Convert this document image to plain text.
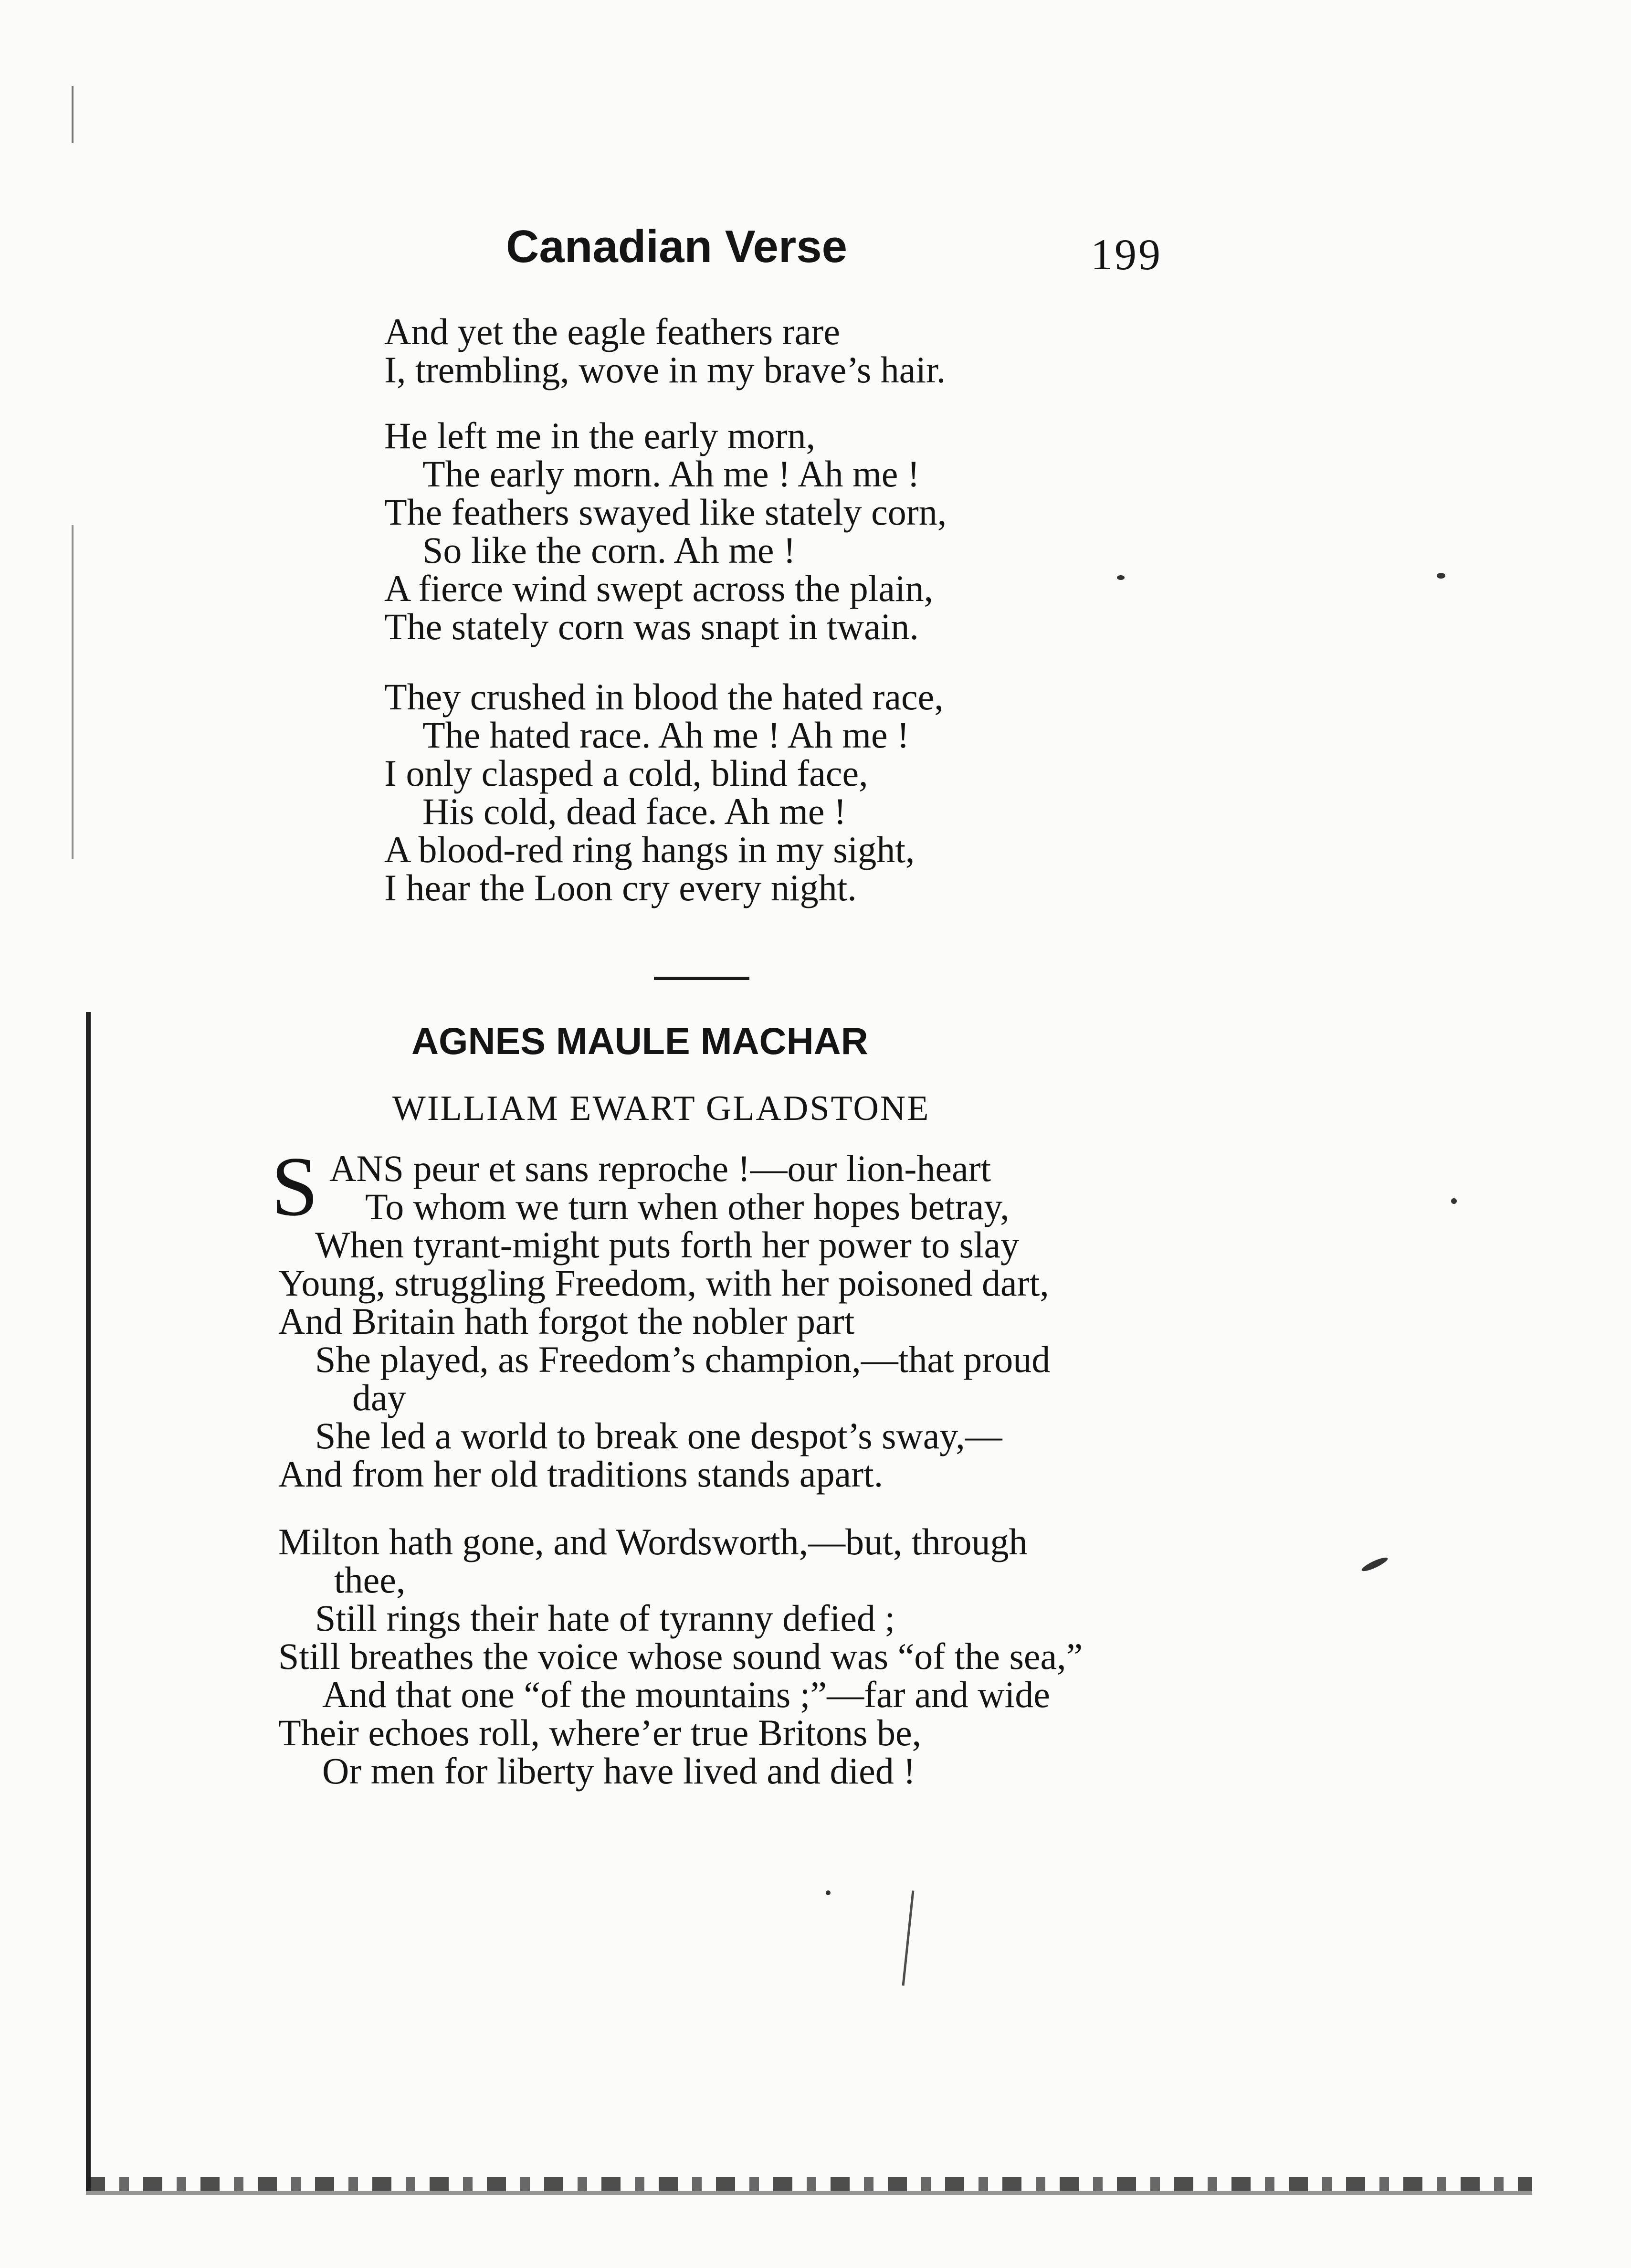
Canadian Verse	199
And yet the eagle feathers rare
I, trembling, wove in my brave’s hair.
He left me in the early morn,
The early morn. Ah me ! Ah me !
The feathers swayed like stately corn,
So like the corn. Ah me !
A fierce wind swept across the plain,
The stately corn was snapt in twain.
They crushed in blood the hated race,
The hated race. Ah me ! Ah me !
I only clasped a cold, blind face,
His cold, dead face. Ah me !
A blood-red ring hangs in my sight,
I hear the Loon cry every night.
AGNES MAULE MACHAR
WILLIAM EWART GLADSTONE
S ANS peur et sans reproche !—our lion-heart
To whom we turn when other hopes betray,
When tyrant-might puts forth her power to slay
Young, struggling Freedom, with her poisoned dart,
And Britain hath forgot the nobler part
She played, as Freedom’s champion,—that proud
day
She led a world to break one despot’s sway,—
And from her old traditions stands apart.
Milton hath gone, and Wordsworth,—but, through
thee,
Still rings their hate of tyranny defied ;
Still breathes the voice whose sound was “of the sea,”
And that one “of the mountains ;”—far and wide
Their echoes roll, where’er true Britons be,
Or men for liberty have lived and died !
